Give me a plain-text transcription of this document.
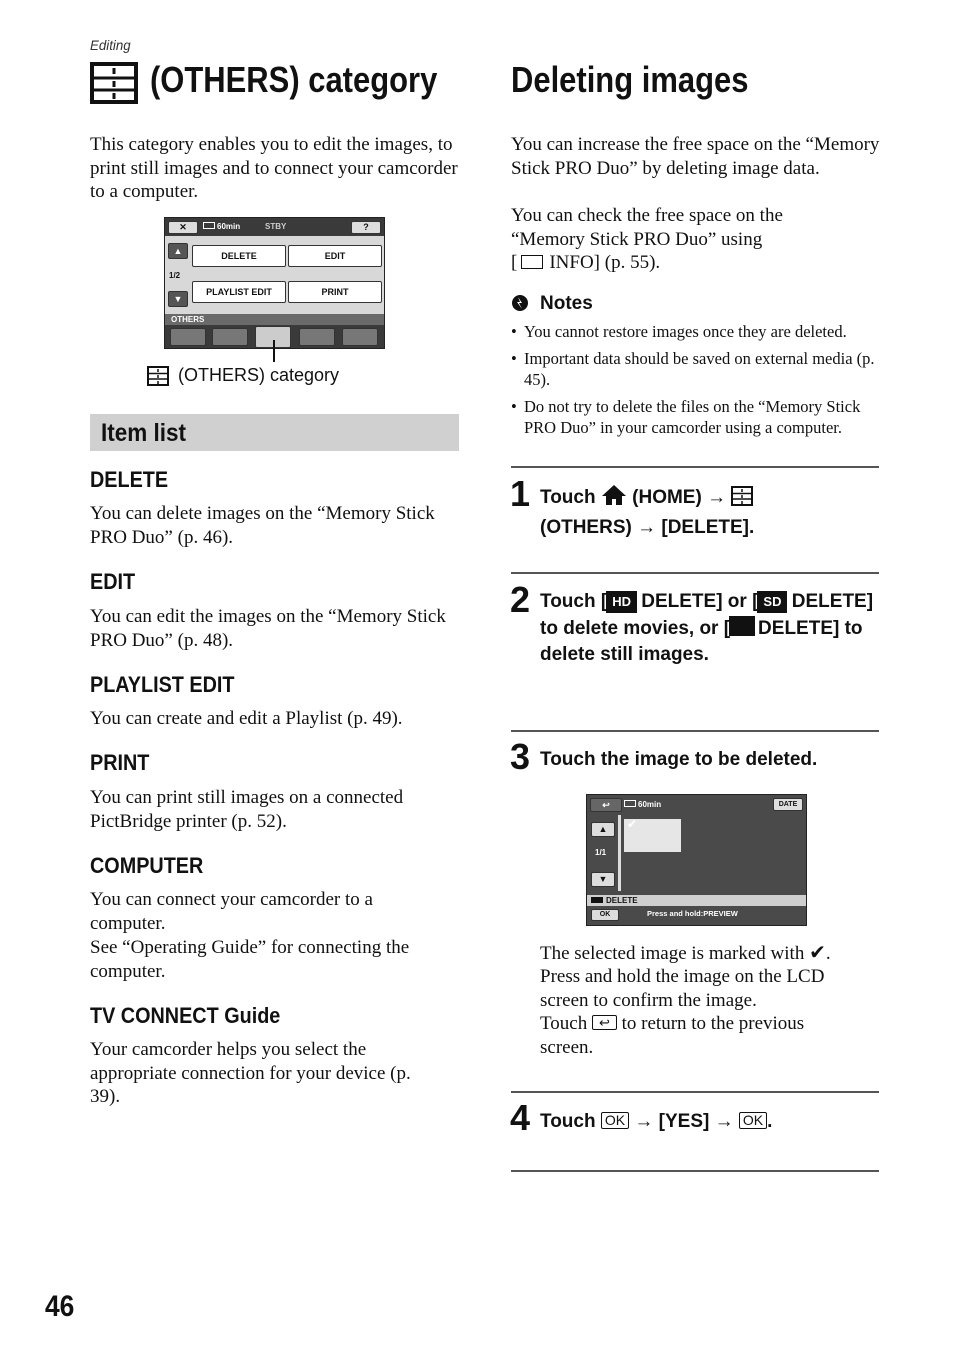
Editing
(OTHERS) category Deleting images
This category enables you to edit the images, to print still images and to connect your camcorder to a computer.
✕	60min	STBY	?
▲
1/2
▼
DELETE	EDIT
PLAYLIST EDIT	PRINT
OTHERS
(OTHERS) category
Item list
DELETE
You can delete images on the “Memory Stick PRO Duo” (p. 46).
EDIT
You can edit the images on the “Memory Stick PRO Duo” (p. 48).
PLAYLIST EDIT
You can create and edit a Playlist (p. 49).
PRINT
You can print still images on a connected PictBridge printer (p. 52).
COMPUTER
You can connect your camcorder to a computer.
See “Operating Guide” for connecting the computer.
TV CONNECT Guide
Your camcorder helps you select the appropriate connection for your device (p. 39).
You can increase the free space on the “Memory Stick PRO Duo” by deleting image data.
You can check the free space on the “Memory Stick PRO Duo” using
[ INFO] (p. 55).
Notes
• You cannot restore images once they are deleted.
• Important data should be saved on external media (p. 45).
• Do not try to delete the files on the “Memory Stick PRO Duo” in your camcorder using a computer.
1 Touch (HOME) →
(OTHERS) → [DELETE].
2 Touch [ HD DELETE] or [ SD DELETE] to delete movies, or [ DELETE] to delete still images.
3 Touch the image to be deleted.
↩	60min	DATE
▲
1/1
▼
✔
DELETE
OK	Press and hold:PREVIEW
The selected image is marked with ✔.
Press and hold the image on the LCD screen to confirm the image.
Touch ↩ to return to the previous screen.
4 Touch OK → [YES] → OK .
46
